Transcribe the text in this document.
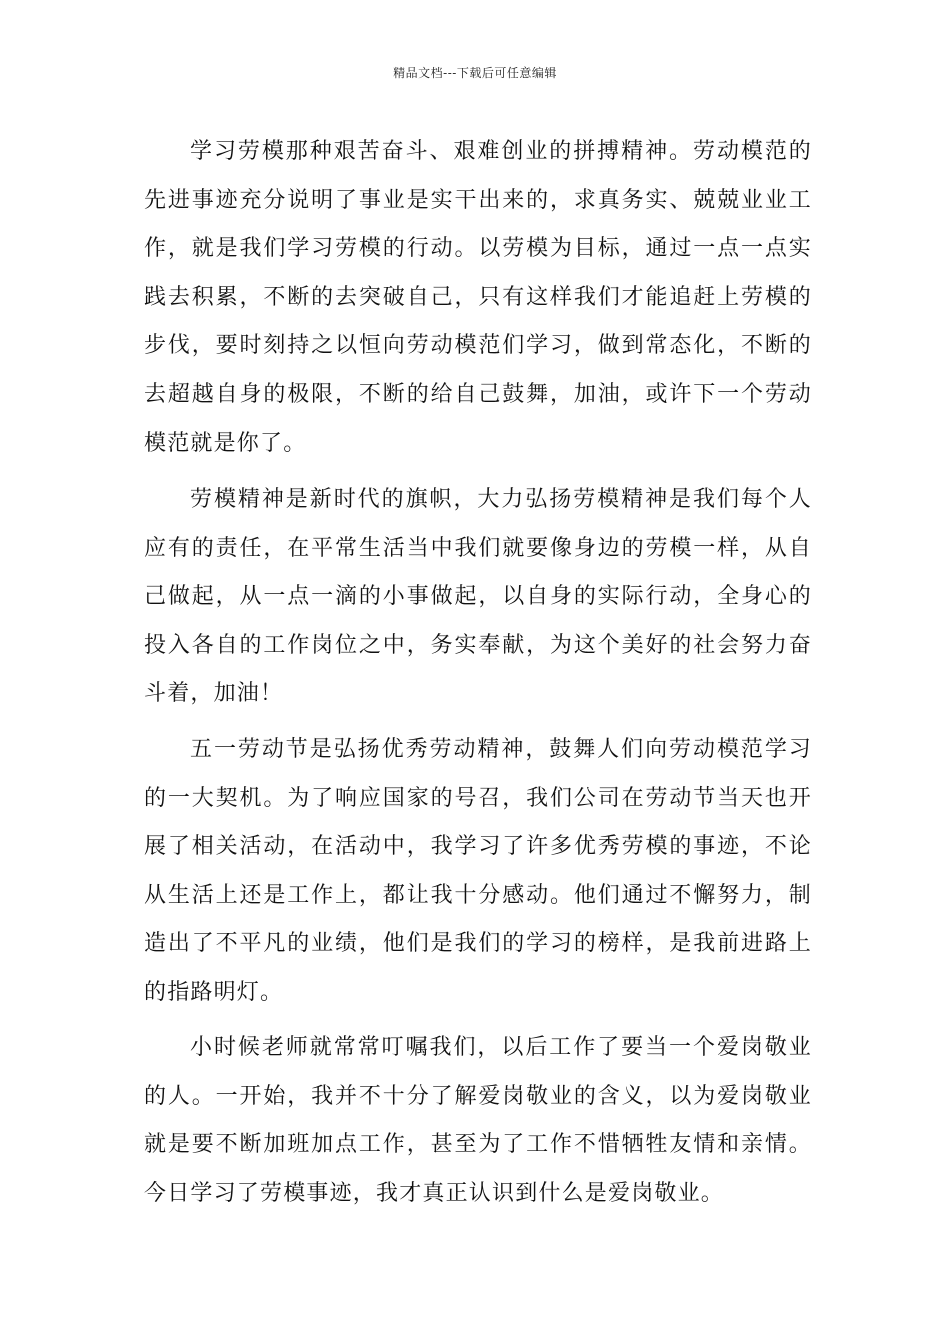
精品文档---下载后可任意编辑

学习劳模那种艰苦奋斗、艰难创业的拼搏精神。劳动模范的先进事迹充分说明了事业是实干出来的，求真务实、兢兢业业工作，就是我们学习劳模的行动。以劳模为目标，通过一点一点实践去积累，不断的去突破自己，只有这样我们才能追赶上劳模的步伐，要时刻持之以恒向劳动模范们学习，做到常态化，不断的去超越自身的极限，不断的给自己鼓舞，加油，或许下一个劳动模范就是你了。

劳模精神是新时代的旗帜，大力弘扬劳模精神是我们每个人应有的责任，在平常生活当中我们就要像身边的劳模一样，从自己做起，从一点一滴的小事做起，以自身的实际行动，全身心的投入各自的工作岗位之中，务实奉献，为这个美好的社会努力奋斗着，加油！

五一劳动节是弘扬优秀劳动精神，鼓舞人们向劳动模范学习的一大契机。为了响应国家的号召，我们公司在劳动节当天也开展了相关活动，在活动中，我学习了许多优秀劳模的事迹，不论从生活上还是工作上，都让我十分感动。他们通过不懈努力，制造出了不平凡的业绩，他们是我们的学习的榜样，是我前进路上的指路明灯。

小时候老师就常常叮嘱我们，以后工作了要当一个爱岗敬业的人。一开始，我并不十分了解爱岗敬业的含义，以为爱岗敬业就是要不断加班加点工作，甚至为了工作不惜牺牲友情和亲情。今日学习了劳模事迹，我才真正认识到什么是爱岗敬业。
